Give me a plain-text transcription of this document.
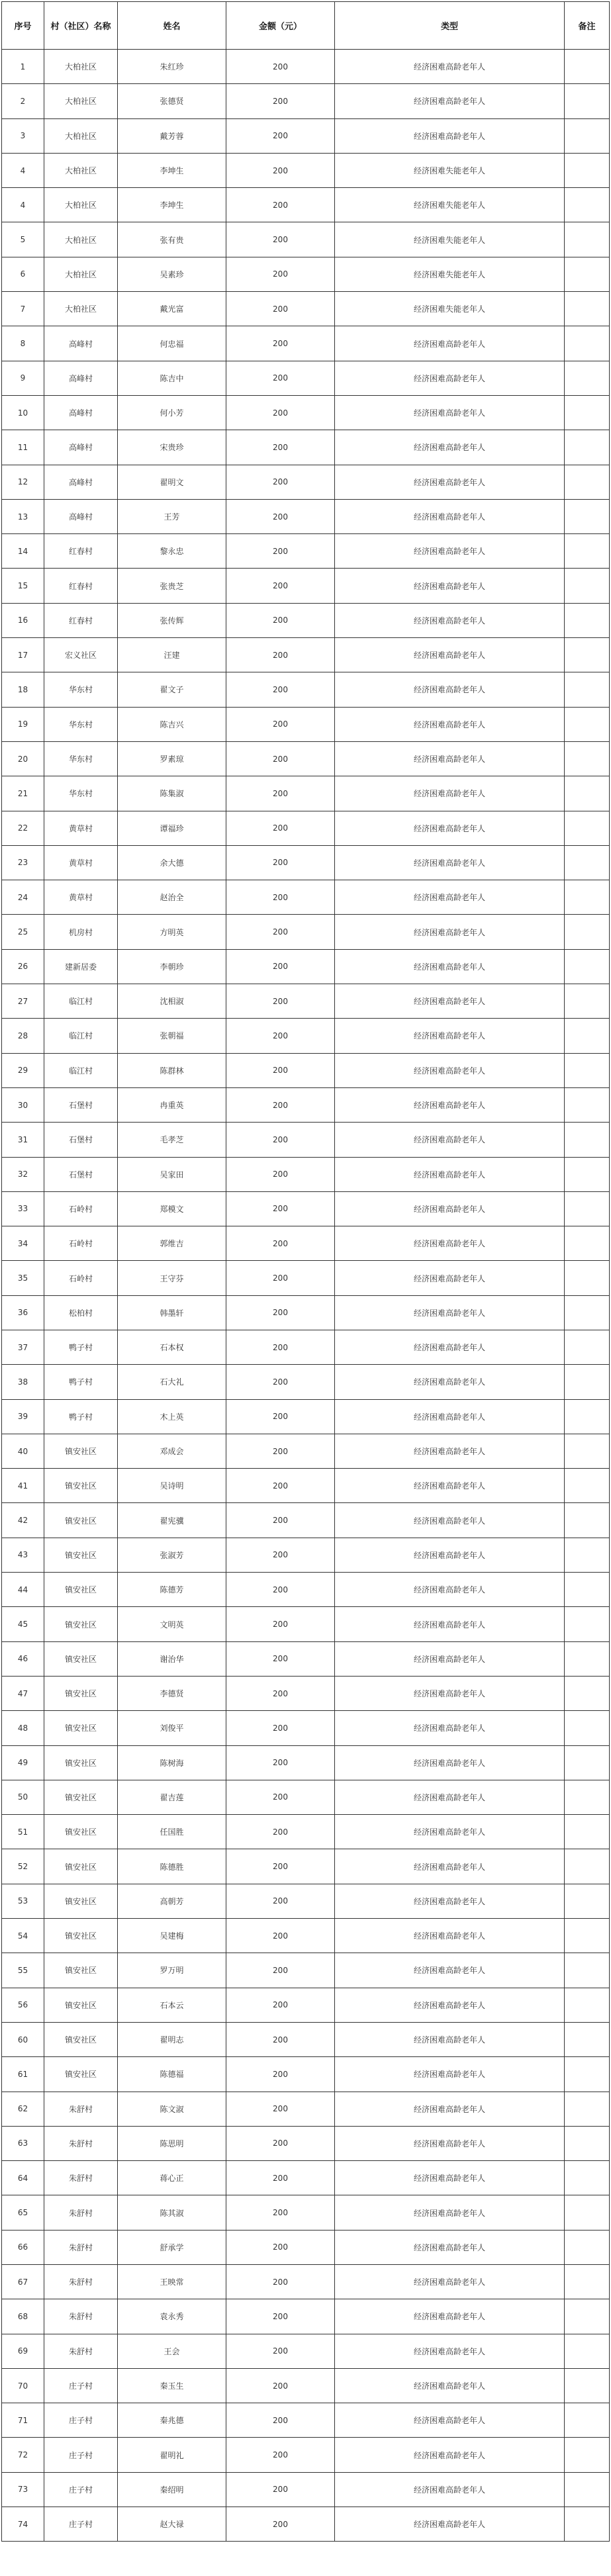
序号	村（社区）名称	姓名	金额（元）	类型	备注
1	大柏社区	朱红珍	200	经济困难高龄老年人	
2	大柏社区	张德贤	200	经济困难高龄老年人	
3	大柏社区	戴芳蓉	200	经济困难高龄老年人	
4	大柏社区	李坤生	200	经济困难失能老年人	
4	大柏社区	李坤生	200	经济困难失能老年人	
5	大柏社区	张有贵	200	经济困难失能老年人	
6	大柏社区	吴素珍	200	经济困难失能老年人	
7	大柏社区	戴光富	200	经济困难失能老年人	
8	高峰村	何忠福	200	经济困难高龄老年人	
9	高峰村	陈吉中	200	经济困难高龄老年人	
10	高峰村	何小芳	200	经济困难高龄老年人	
11	高峰村	宋贵珍	200	经济困难高龄老年人	
12	高峰村	翟明文	200	经济困难高龄老年人	
13	高峰村	王芳	200	经济困难高龄老年人	
14	红春村	黎永忠	200	经济困难高龄老年人	
15	红春村	张贵芝	200	经济困难高龄老年人	
16	红春村	张传辉	200	经济困难高龄老年人	
17	宏义社区	汪建	200	经济困难高龄老年人	
18	华东村	翟文子	200	经济困难高龄老年人	
19	华东村	陈吉兴	200	经济困难高龄老年人	
20	华东村	罗素琼	200	经济困难高龄老年人	
21	华东村	陈集淑	200	经济困难高龄老年人	
22	黄草村	谭福珍	200	经济困难高龄老年人	
23	黄草村	余大德	200	经济困难高龄老年人	
24	黄草村	赵治全	200	经济困难高龄老年人	
25	机房村	方明英	200	经济困难高龄老年人	
26	建新居委	李朝珍	200	经济困难高龄老年人	
27	临江村	沈相淑	200	经济困难高龄老年人	
28	临江村	张朝福	200	经济困难高龄老年人	
29	临江村	陈群林	200	经济困难高龄老年人	
30	石堡村	冉重英	200	经济困难高龄老年人	
31	石堡村	毛孝芝	200	经济困难高龄老年人	
32	石堡村	吴家田	200	经济困难高龄老年人	
33	石岭村	郑模文	200	经济困难高龄老年人	
34	石岭村	郭维吉	200	经济困难高龄老年人	
35	石岭村	王守芬	200	经济困难高龄老年人	
36	松柏村	韩墨轩	200	经济困难高龄老年人	
37	鸭子村	石本权	200	经济困难高龄老年人	
38	鸭子村	石大礼	200	经济困难高龄老年人	
39	鸭子村	木上英	200	经济困难高龄老年人	
40	镇安社区	邓成会	200	经济困难高龄老年人	
41	镇安社区	吴诗明	200	经济困难高龄老年人	
42	镇安社区	翟宪骥	200	经济困难高龄老年人	
43	镇安社区	张淑芳	200	经济困难高龄老年人	
44	镇安社区	陈德芳	200	经济困难高龄老年人	
45	镇安社区	文明英	200	经济困难高龄老年人	
46	镇安社区	谢治华	200	经济困难高龄老年人	
47	镇安社区	李德贤	200	经济困难高龄老年人	
48	镇安社区	刘俊平	200	经济困难高龄老年人	
49	镇安社区	陈树海	200	经济困难高龄老年人	
50	镇安社区	翟吉莲	200	经济困难高龄老年人	
51	镇安社区	任国胜	200	经济困难高龄老年人	
52	镇安社区	陈德胜	200	经济困难高龄老年人	
53	镇安社区	高朝芳	200	经济困难高龄老年人	
54	镇安社区	吴建梅	200	经济困难高龄老年人	
55	镇安社区	罗万明	200	经济困难高龄老年人	
56	镇安社区	石本云	200	经济困难高龄老年人	
60	镇安社区	翟明志	200	经济困难高龄老年人	
61	镇安社区	陈德福	200	经济困难高龄老年人	
62	朱舒村	陈文淑	200	经济困难高龄老年人	
63	朱舒村	陈思明	200	经济困难高龄老年人	
64	朱舒村	蒋心正	200	经济困难高龄老年人	
65	朱舒村	陈其淑	200	经济困难高龄老年人	
66	朱舒村	舒承学	200	经济困难高龄老年人	
67	朱舒村	王映常	200	经济困难高龄老年人	
68	朱舒村	袁永秀	200	经济困难高龄老年人	
69	朱舒村	王会	200	经济困难高龄老年人	
70	庄子村	秦玉生	200	经济困难高龄老年人	
71	庄子村	秦兆德	200	经济困难高龄老年人	
72	庄子村	翟明礼	200	经济困难高龄老年人	
73	庄子村	秦绍明	200	经济困难高龄老年人	
74	庄子村	赵大禄	200	经济困难高龄老年人	
